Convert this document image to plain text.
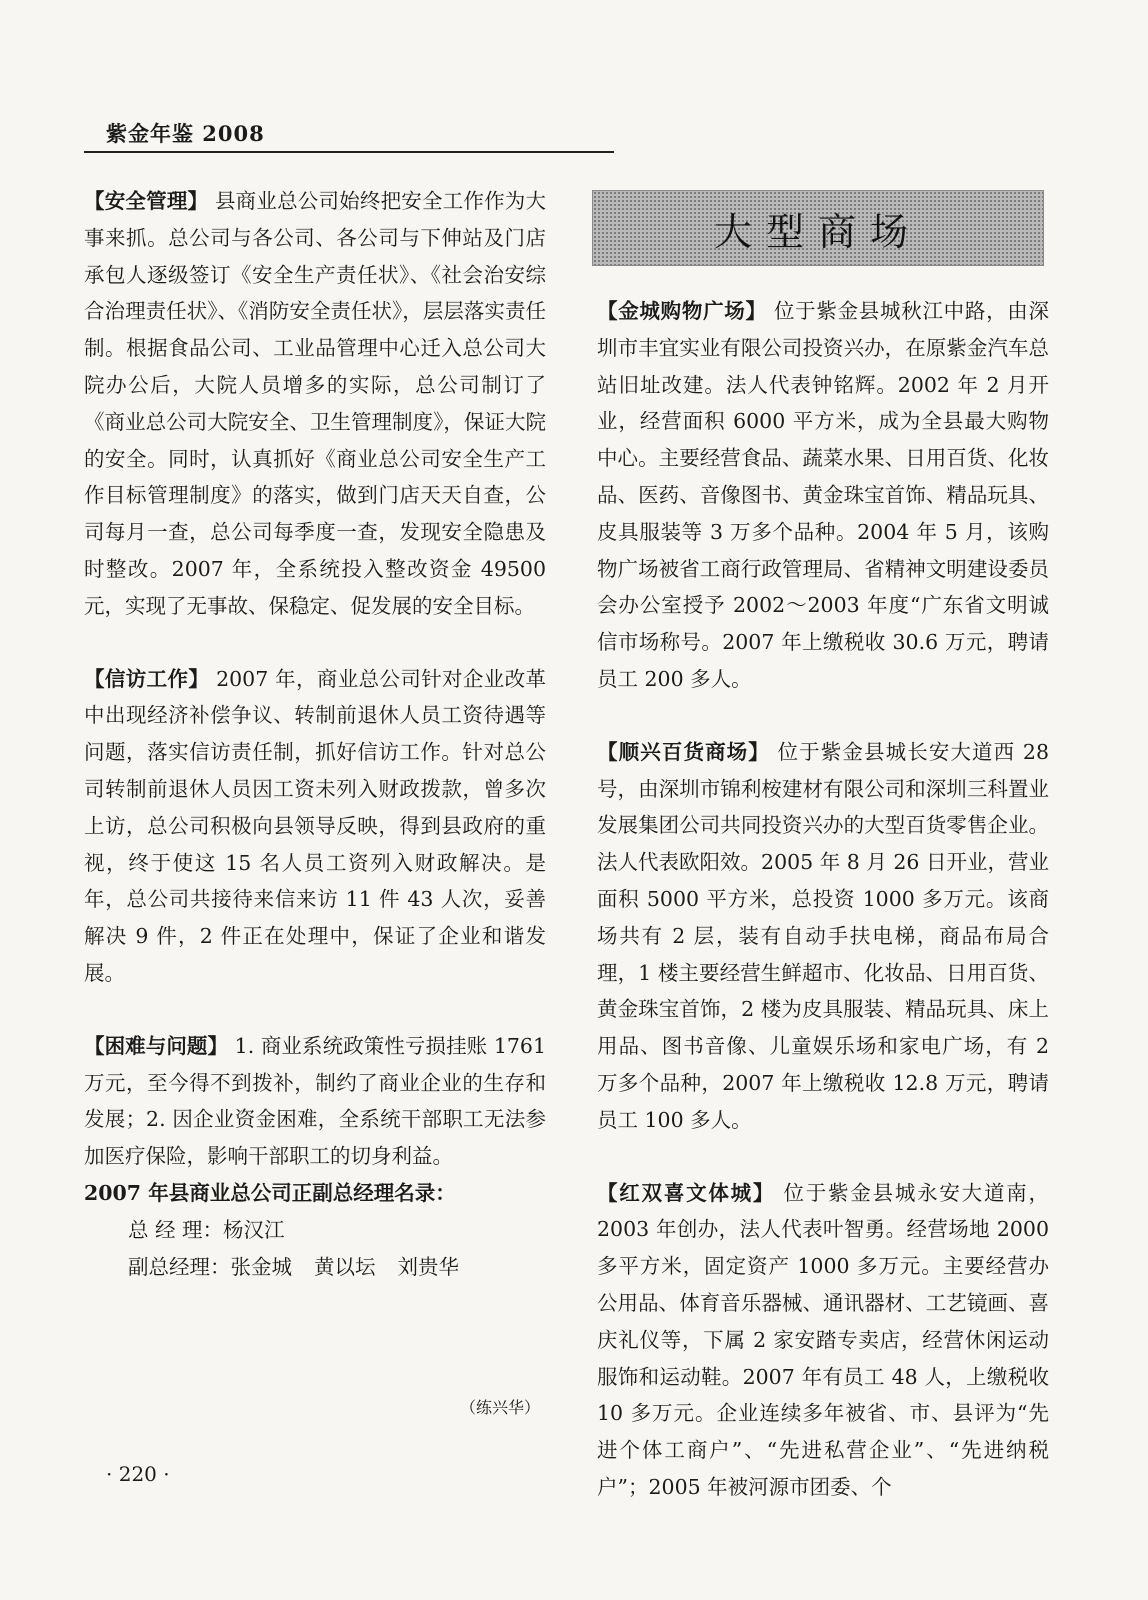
紫金年鉴 2008

【安全管理】 县商业总公司始终把安全工作作为大事来抓。总公司与各公司、各公司与下伸站及门店承包人逐级签订《安全生产责任状》、《社会治安综合治理责任状》、《消防安全责任状》，层层落实责任制。根据食品公司、工业品管理中心迁入总公司大院办公后，大院人员增多的实际，总公司制订了《商业总公司大院安全、卫生管理制度》，保证大院的安全。同时，认真抓好《商业总公司安全生产工作目标管理制度》的落实，做到门店天天自查，公司每月一查，总公司每季度一查，发现安全隐患及时整改。2007 年，全系统投入整改资金 49500 元，实现了无事故、保稳定、促发展的安全目标。

【信访工作】 2007 年，商业总公司针对企业改革中出现经济补偿争议、转制前退休人员工资待遇等问题，落实信访责任制，抓好信访工作。针对总公司转制前退休人员因工资未列入财政拨款，曾多次上访，总公司积极向县领导反映，得到县政府的重视，终于使这 15 名人员工资列入财政解决。是年，总公司共接待来信来访 11 件 43 人次，妥善解决 9 件，2 件正在处理中，保证了企业和谐发展。

【困难与问题】 1. 商业系统政策性亏损挂账 1761 万元，至今得不到拨补，制约了商业企业的生存和发展；2. 因企业资金困难，全系统干部职工无法参加医疗保险，影响干部职工的切身利益。

2007 年县商业总公司正副总经理名录：

总 经 理：杨汉江

副总经理：张金城 黄以坛 刘贵华

（练兴华）
大型商场

【金城购物广场】 位于紫金县城秋江中路，由深圳市丰宜实业有限公司投资兴办，在原紫金汽车总站旧址改建。法人代表钟铭辉。2002 年 2 月开业，经营面积 6000 平方米，成为全县最大购物中心。主要经营食品、蔬菜水果、日用百货、化妆品、医药、音像图书、黄金珠宝首饰、精品玩具、皮具服装等 3 万多个品种。2004 年 5 月，该购物广场被省工商行政管理局、省精神文明建设委员会办公室授予 2002～2003 年度“广东省文明诚信市场称号。2007 年上缴税收 30.6 万元，聘请员工 200 多人。

【顺兴百货商场】 位于紫金县城长安大道西 28 号，由深圳市锦利桉建材有限公司和深圳三科置业发展集团公司共同投资兴办的大型百货零售企业。法人代表欧阳效。2005 年 8 月 26 日开业，营业面积 5000 平方米，总投资 1000 多万元。该商场共有 2 层，装有自动手扶电梯，商品布局合理，1 楼主要经营生鲜超市、化妆品、日用百货、黄金珠宝首饰，2 楼为皮具服装、精品玩具、床上用品、图书音像、儿童娱乐场和家电广场，有 2 万多个品种，2007 年上缴税收 12.8 万元，聘请员工 100 多人。

【红双喜文体城】 位于紫金县城永安大道南，2003 年创办，法人代表叶智勇。经营场地 2000 多平方米，固定资产 1000 多万元。主要经营办公用品、体育音乐器械、通讯器材、工艺镜画、喜庆礼仪等，下属 2 家安踏专卖店，经营休闲运动服饰和运动鞋。2007 年有员工 48 人，上缴税收 10 多万元。企业连续多年被省、市、县评为“先进个体工商户”、“先进私营企业”、“先进纳税户”；2005 年被河源市团委、个

· 220 ·
